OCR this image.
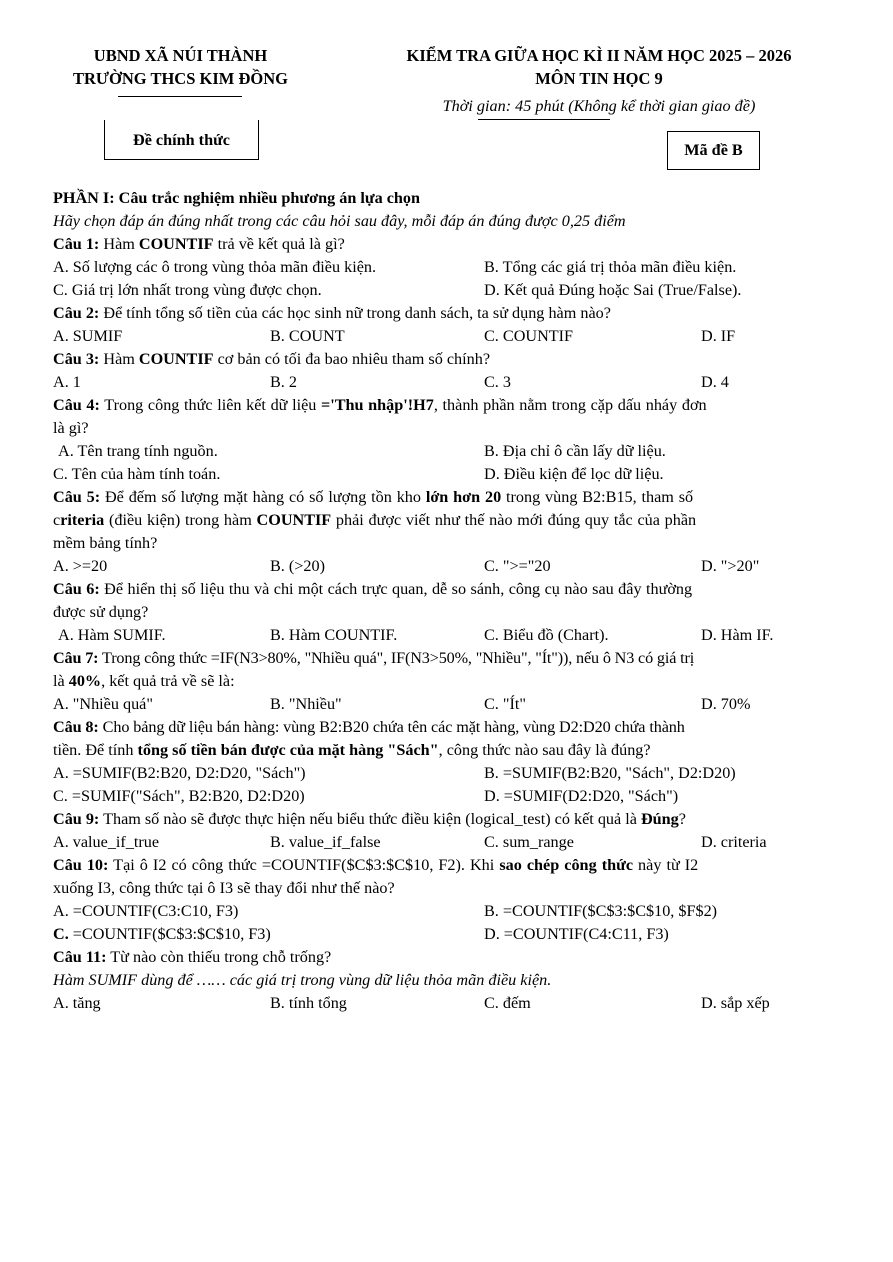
UBND XÃ NÚI THÀNH
TRƯỜNG THCS KIM ĐỒNG
KIỂM TRA GIỮA HỌC KÌ II NĂM HỌC 2025 – 2026
MÔN TIN HỌC 9
Thời gian: 45 phút (Không kể thời gian giao đề)
Đề chính thức
Mã đề B
PHẦN I: Câu trắc nghiệm nhiều phương án lựa chọn
Hãy chọn đáp án đúng nhất trong các câu hỏi sau đây, mỗi đáp án đúng được 0,25 điểm
Câu 1: Hàm COUNTIF trả về kết quả là gì?
A. Số lượng các ô trong vùng thỏa mãn điều kiện.	B. Tổng các giá trị thỏa mãn điều kiện.
C. Giá trị lớn nhất trong vùng được chọn.	D. Kết quả Đúng hoặc Sai (True/False).
Câu 2: Để tính tổng số tiền của các học sinh nữ trong danh sách, ta sử dụng hàm nào?
A. SUMIF	B. COUNT	C. COUNTIF	D. IF
Câu 3: Hàm COUNTIF cơ bản có tối đa bao nhiêu tham số chính?
A. 1	B. 2	C. 3	D. 4
Câu 4: Trong công thức liên kết dữ liệu ='Thu nhập'!H7, thành phần nằm trong cặp dấu nháy đơn
là gì?
A. Tên trang tính nguồn.	B. Địa chỉ ô cần lấy dữ liệu.
C. Tên của hàm tính toán.	D. Điều kiện để lọc dữ liệu.
Câu 5: Để đếm số lượng mặt hàng có số lượng tồn kho lớn hơn 20 trong vùng B2:B15, tham số
criteria (điều kiện) trong hàm COUNTIF phải được viết như thế nào mới đúng quy tắc của phần
mềm bảng tính?
A. >=20	B. (>20)	C. ">="20	D. ">20"
Câu 6: Để hiển thị số liệu thu và chi một cách trực quan, dễ so sánh, công cụ nào sau đây thường
được sử dụng?
A. Hàm SUMIF.	B. Hàm COUNTIF.	C. Biểu đồ (Chart).	D. Hàm IF.
Câu 7: Trong công thức =IF(N3>80%, "Nhiều quá", IF(N3>50%, "Nhiều", "Ít")), nếu ô N3 có giá trị
là 40%, kết quả trả về sẽ là:
A. "Nhiều quá"	B. "Nhiều"	C. "Ít"	D. 70%
Câu 8: Cho bảng dữ liệu bán hàng: vùng B2:B20 chứa tên các mặt hàng, vùng D2:D20 chứa thành
tiền. Để tính tổng số tiền bán được của mặt hàng "Sách", công thức nào sau đây là đúng?
A. =SUMIF(B2:B20, D2:D20, "Sách")	B. =SUMIF(B2:B20, "Sách", D2:D20)
C. =SUMIF("Sách", B2:B20, D2:D20)	D. =SUMIF(D2:D20, "Sách")
Câu 9: Tham số nào sẽ được thực hiện nếu biểu thức điều kiện (logical_test) có kết quả là Đúng?
A. value_if_true	B. value_if_false	C. sum_range	D. criteria
Câu 10: Tại ô I2 có công thức =COUNTIF($C$3:$C$10, F2). Khi sao chép công thức này từ I2
xuống I3, công thức tại ô I3 sẽ thay đổi như thế nào?
A. =COUNTIF(C3:C10, F3)	B. =COUNTIF($C$3:$C$10, $F$2)
C. =COUNTIF($C$3:$C$10, F3)	D. =COUNTIF(C4:C11, F3)
Câu 11: Từ nào còn thiếu trong chỗ trống?
Hàm SUMIF dùng để …… các giá trị trong vùng dữ liệu thỏa mãn điều kiện.
A. tăng	B. tính tổng	C. đếm	D. sắp xếp
